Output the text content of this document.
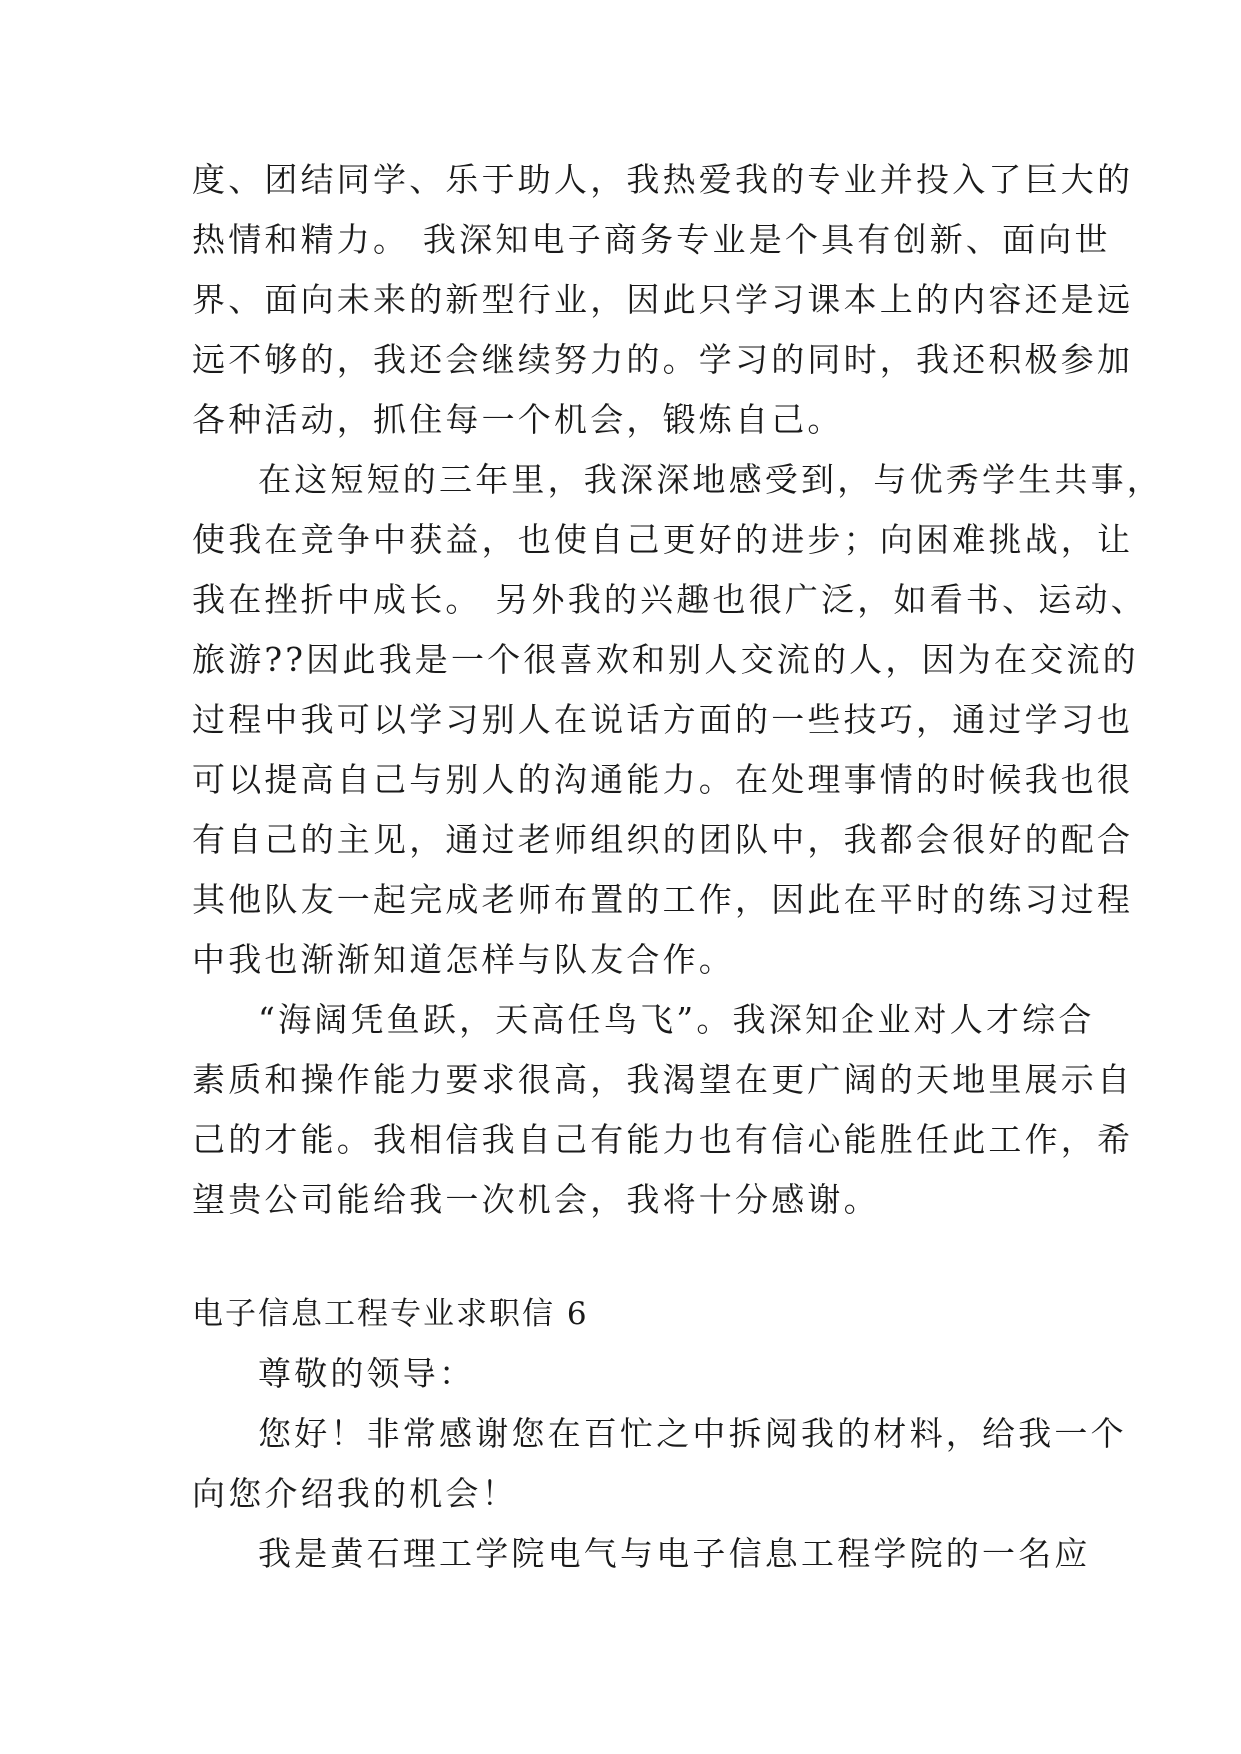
度、团结同学、乐于助人，我热爱我的专业并投入了巨大的
热情和精力。 我深知电子商务专业是个具有创新、面向世
界、面向未来的新型行业，因此只学习课本上的内容还是远
远不够的，我还会继续努力的。学习的同时，我还积极参加
各种活动，抓住每一个机会，锻炼自己。
在这短短的三年里，我深深地感受到，与优秀学生共事，
使我在竞争中获益，也使自己更好的进步；向困难挑战，让
我在挫折中成长。 另外我的兴趣也很广泛，如看书、运动、
旅游??因此我是一个很喜欢和别人交流的人，因为在交流的
过程中我可以学习别人在说话方面的一些技巧，通过学习也
可以提高自己与别人的沟通能力。在处理事情的时候我也很
有自己的主见，通过老师组织的团队中，我都会很好的配合
其他队友一起完成老师布置的工作，因此在平时的练习过程
中我也渐渐知道怎样与队友合作。
“海阔凭鱼跃，天高任鸟飞”。我深知企业对人才综合
素质和操作能力要求很高，我渴望在更广阔的天地里展示自
己的才能。我相信我自己有能力也有信心能胜任此工作，希
望贵公司能给我一次机会，我将十分感谢。
电子信息工程专业求职信 6
尊敬的领导：
您好！非常感谢您在百忙之中拆阅我的材料，给我一个
向您介绍我的机会！
我是黄石理工学院电气与电子信息工程学院的一名应
